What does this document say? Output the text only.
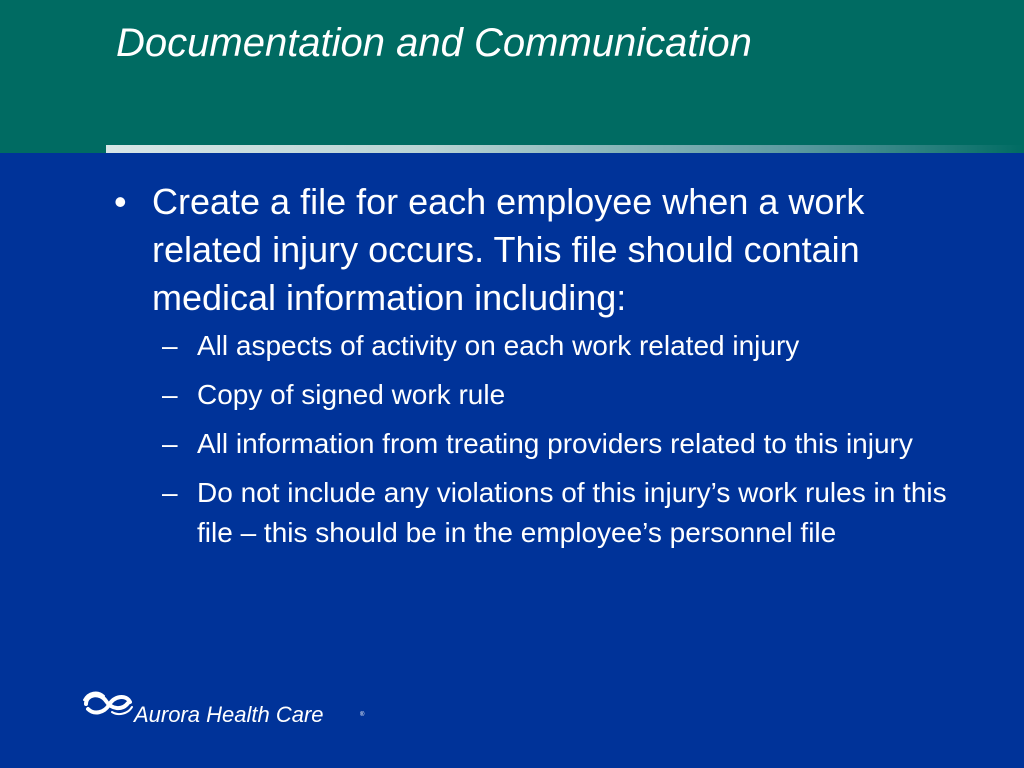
Documentation and Communication
• Create a file for each employee when a work related injury occurs. This file should contain medical information including:
– All aspects of activity on each work related injury
– Copy of signed work rule
– All information from treating providers related to this injury
– Do not include any violations of this injury’s work rules in this file – this should be in the employee’s personnel file
Aurora Health Care	®
